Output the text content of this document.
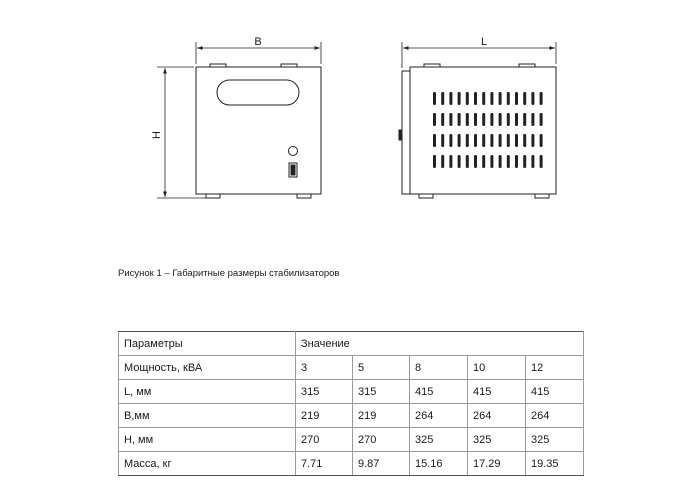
B
H
L
Рисунок 1 – Габаритные размеры стабилизаторов
Параметры	Значение				
Мощность, кВА	3	5	8	10	12
L, мм	315	315	415	415	415
B,мм	219	219	264	264	264
H, мм	270	270	325	325	325
Масса, кг	7.71	9.87	15.16	17.29	19.35
